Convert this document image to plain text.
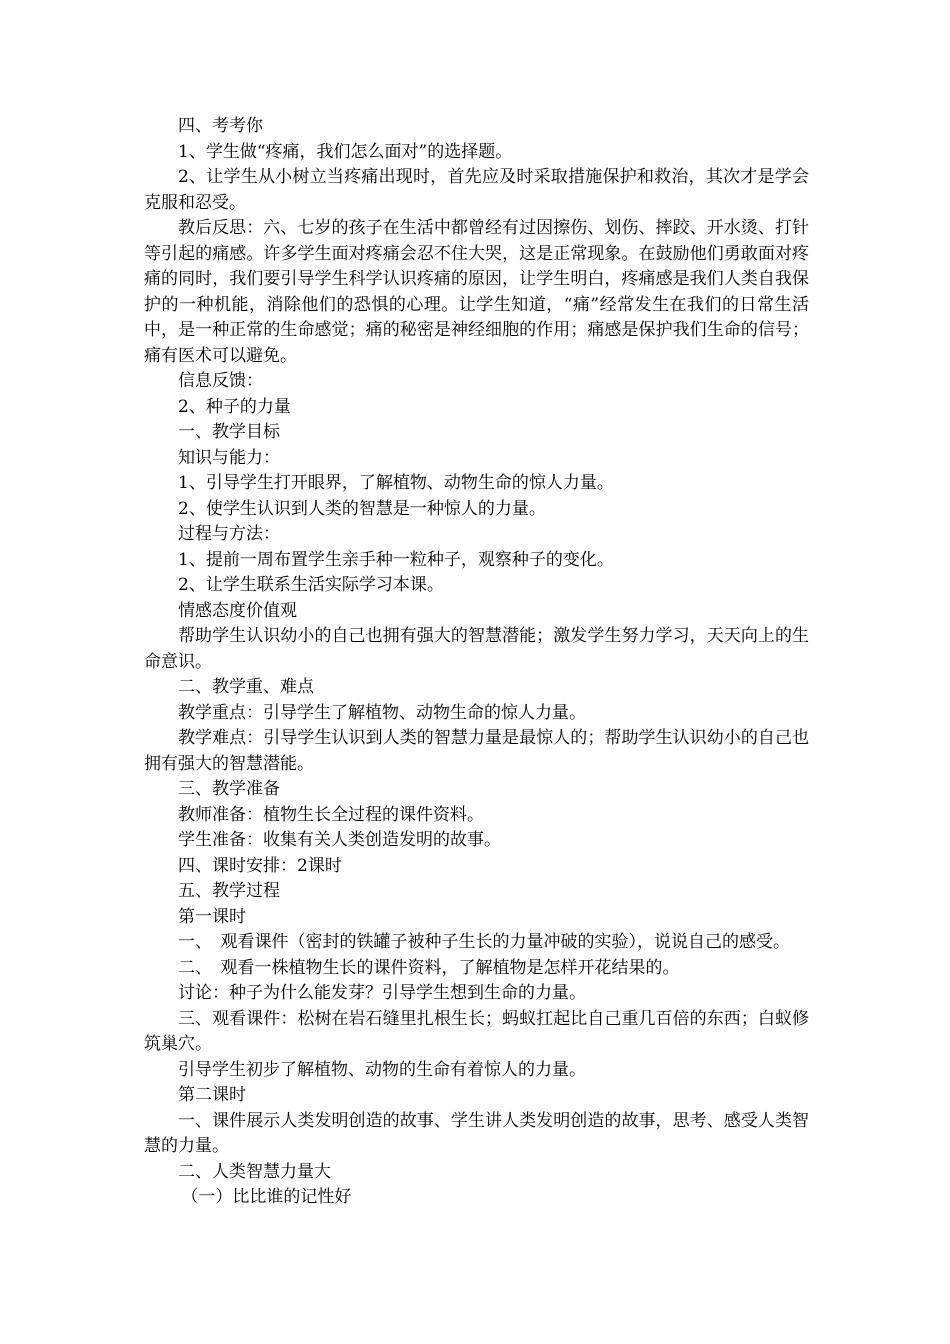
四、考考你

1、学生做“疼痛，我们怎么面对”的选择题。

2、让学生从小树立当疼痛出现时，首先应及时采取措施保护和救治，其次才是学会克服和忍受。

教后反思：六、七岁的孩子在生活中都曾经有过因擦伤、划伤、摔跤、开水烫、打针等引起的痛感。许多学生面对疼痛会忍不住大哭，这是正常现象。在鼓励他们勇敢面对疼痛的同时，我们要引导学生科学认识疼痛的原因，让学生明白，疼痛感是我们人类自我保护的一种机能，消除他们的恐惧的心理。让学生知道，“痛”经常发生在我们的日常生活中，是一种正常的生命感觉；痛的秘密是神经细胞的作用；痛感是保护我们生命的信号；痛有医术可以避免。

信息反馈：

2、种子的力量

一、教学目标

知识与能力：

1、引导学生打开眼界，了解植物、动物生命的惊人力量。

2、使学生认识到人类的智慧是一种惊人的力量。

过程与方法：

1、提前一周布置学生亲手种一粒种子，观察种子的变化。

2、让学生联系生活实际学习本课。

情感态度价值观

帮助学生认识幼小的自己也拥有强大的智慧潜能；激发学生努力学习，天天向上的生命意识。

二、教学重、难点

教学重点：引导学生了解植物、动物生命的惊人力量。

教学难点：引导学生认识到人类的智慧力量是最惊人的；帮助学生认识幼小的自己也拥有强大的智慧潜能。

三、教学准备

教师准备：植物生长全过程的课件资料。

学生准备：收集有关人类创造发明的故事。

四、课时安排：2课时

五、教学过程

第一课时

一、　观看课件（密封的铁罐子被种子生长的力量冲破的实验），说说自己的感受。

二、　观看一株植物生长的课件资料，了解植物是怎样开花结果的。

讨论：种子为什么能发芽？引导学生想到生命的力量。

三、观看课件：松树在岩石缝里扎根生长；蚂蚁扛起比自己重几百倍的东西；白蚁修筑巢穴。

引导学生初步了解植物、动物的生命有着惊人的力量。

第二课时

一、课件展示人类发明创造的故事、学生讲人类发明创造的故事，思考、感受人类智慧的力量。

二、人类智慧力量大

（一）比比谁的记性好
